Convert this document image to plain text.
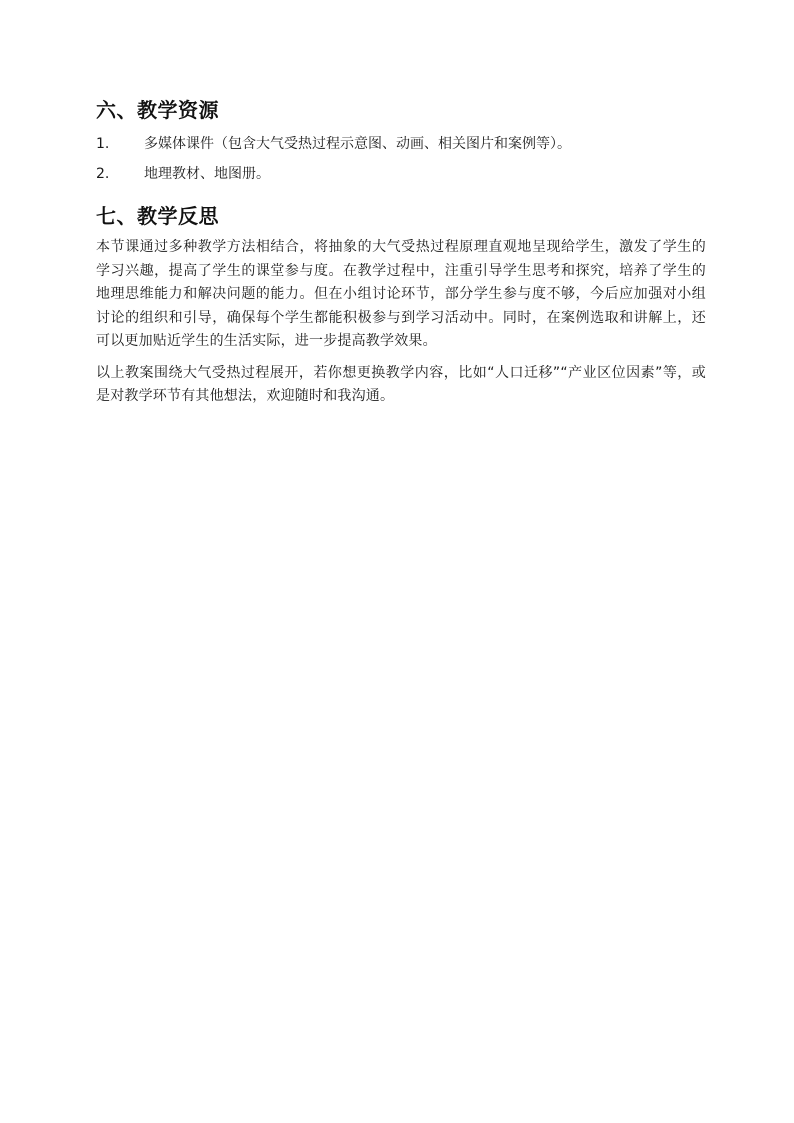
六、教学资源
1.	多媒体课件（包含大气受热过程示意图、动画、相关图片和案例等）。
2.	地理教材、地图册。
七、教学反思

本节课通过多种教学方法相结合，将抽象的大气受热过程原理直观地呈现给学生，激发了学生的学习兴趣，提高了学生的课堂参与度。在教学过程中，注重引导学生思考和探究，培养了学生的地理思维能力和解决问题的能力。但在小组讨论环节，部分学生参与度不够，今后应加强对小组讨论的组织和引导，确保每个学生都能积极参与到学习活动中。同时，在案例选取和讲解上，还可以更加贴近学生的生活实际，进一步提高教学效果。

以上教案围绕大气受热过程展开，若你想更换教学内容，比如“人口迁移”“产业区位因素”等，或是对教学环节有其他想法，欢迎随时和我沟通。
